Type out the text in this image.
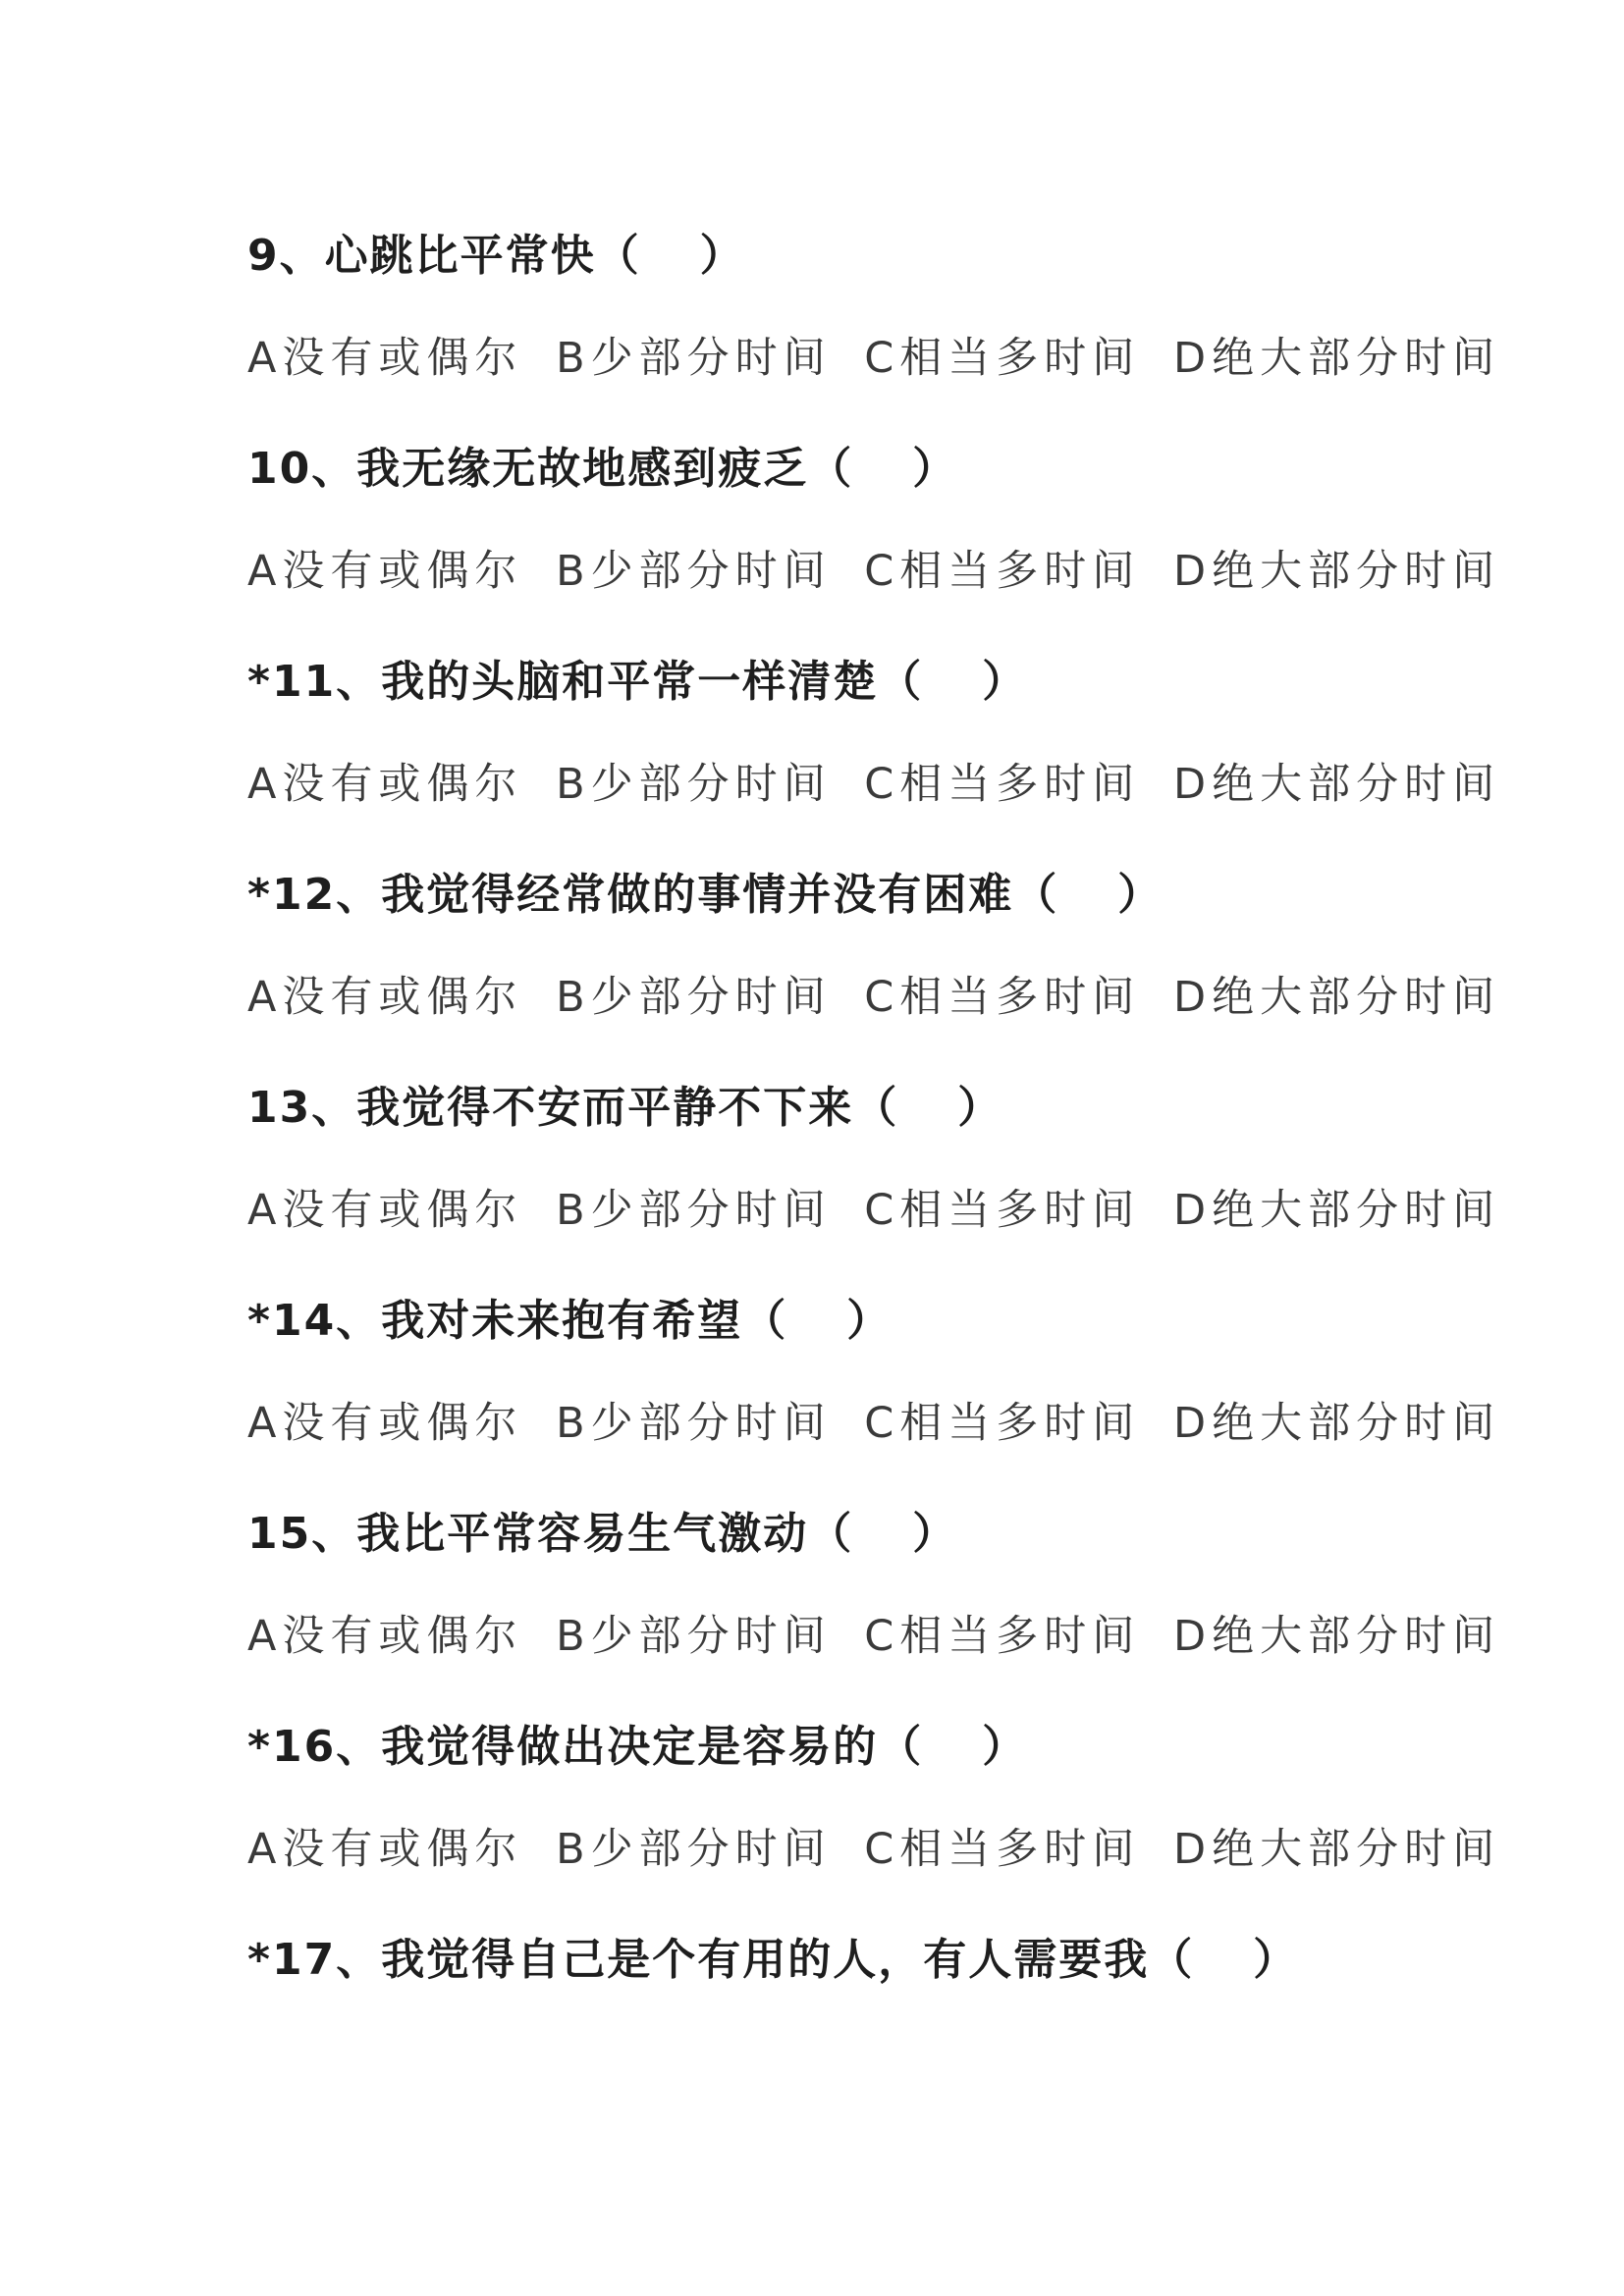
9、心跳比平常快（ ）
A没有或偶尔 B少部分时间 C相当多时间 D绝大部分时间
10、我无缘无故地感到疲乏（ ）
A没有或偶尔 B少部分时间 C相当多时间 D绝大部分时间
*11、我的头脑和平常一样清楚（ ）
A没有或偶尔 B少部分时间 C相当多时间 D绝大部分时间
*12、我觉得经常做的事情并没有困难（ ）
A没有或偶尔 B少部分时间 C相当多时间 D绝大部分时间
13、我觉得不安而平静不下来（ ）
A没有或偶尔 B少部分时间 C相当多时间 D绝大部分时间
*14、我对未来抱有希望（ ）
A没有或偶尔 B少部分时间 C相当多时间 D绝大部分时间
15、我比平常容易生气激动（ ）
A没有或偶尔 B少部分时间 C相当多时间 D绝大部分时间
*16、我觉得做出决定是容易的（ ）
A没有或偶尔 B少部分时间 C相当多时间 D绝大部分时间
*17、我觉得自己是个有用的人，有人需要我（ ）
